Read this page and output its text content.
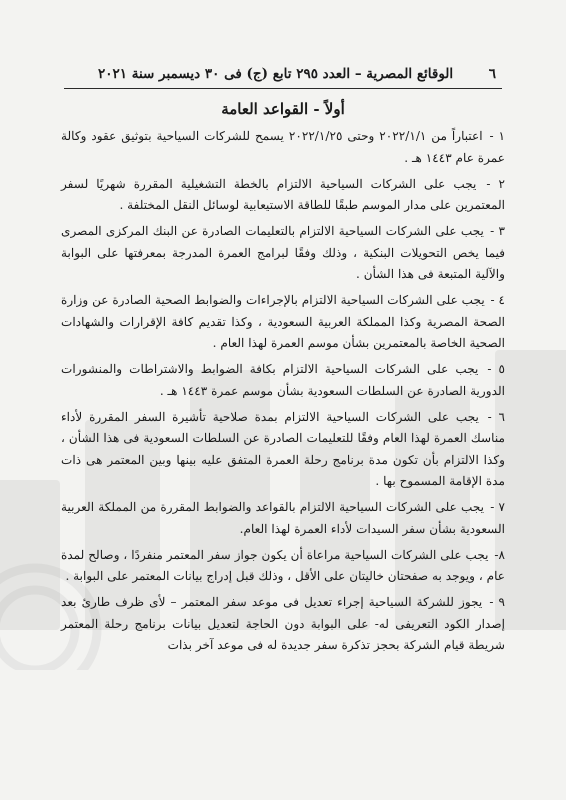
٦
الوقائع المصرية – العدد ٢٩٥ تابع (ج) فى ٣٠ ديسمبر سنة ٢٠٢١
أولاً - القواعد العامة

١ - اعتباراً من ٢٠٢٢/١/١ وحتى ٢٠٢٢/١/٢٥ يسمح للشركات السياحية بتوثيق عقود وكالة عمرة عام ١٤٤٣ هـ .

٢ - يجب على الشركات السياحية الالتزام بالخطة التشغيلية المقررة شهريًا لسفر المعتمرين على مدار الموسم طبقًا للطاقة الاستيعابية لوسائل النقل المختلفة .

٣ - يجب على الشركات السياحية الالتزام بالتعليمات الصادرة عن البنك المركزى المصرى فيما يخص التحويلات البنكية ، وذلك وفقًا لبرامج العمرة المدرجة بمعرفتها على البوابة والآلية المتبعة فى هذا الشأن .

٤ - يجب على الشركات السياحية الالتزام بالإجراءات والضوابط الصحية الصادرة عن وزارة الصحة المصرية وكذا المملكة العربية السعودية ، وكذا تقديم كافة الإقرارات والشهادات الصحية الخاصة بالمعتمرين بشأن موسم العمرة لهذا العام .

٥ - يجب على الشركات السياحية الالتزام بكافة الضوابط والاشتراطات والمنشورات الدورية الصادرة عن السلطات السعودية بشأن موسم عمرة ١٤٤٣ هـ .

٦ - يجب على الشركات السياحية الالتزام بمدة صلاحية تأشيرة السفر المقررة لأداء مناسك العمرة لهذا العام وفقًا للتعليمات الصادرة عن السلطات السعودية فى هذا الشأن ، وكذا الالتزام بأن تكون مدة برنامج رحلة العمرة المتفق عليه بينها وبين المعتمر هى ذات مدة الإقامة المسموح بها .

٧ - يجب على الشركات السياحية الالتزام بالقواعد والضوابط المقررة من المملكة العربية السعودية بشأن سفر السيدات لأداء العمرة لهذا العام.

٨- يجب على الشركات السياحية مراعاة أن يكون جواز سفر المعتمر منفردًا ، وصالح لمدة عام ، ويوجد به صفحتان خاليتان على الأقل ، وذلك قبل إدراج بيانات المعتمر على البوابة .

٩ - يجوز للشركة السياحية إجراء تعديل فى موعد سفر المعتمر – لأى ظرف طارئ بعد إصدار الكود التعريفى له- على البوابة دون الحاجة لتعديل بيانات برنامج رحلة المعتمر شريطة قيام الشركة بحجز تذكرة سفر جديدة له فى موعد آخر بذات
